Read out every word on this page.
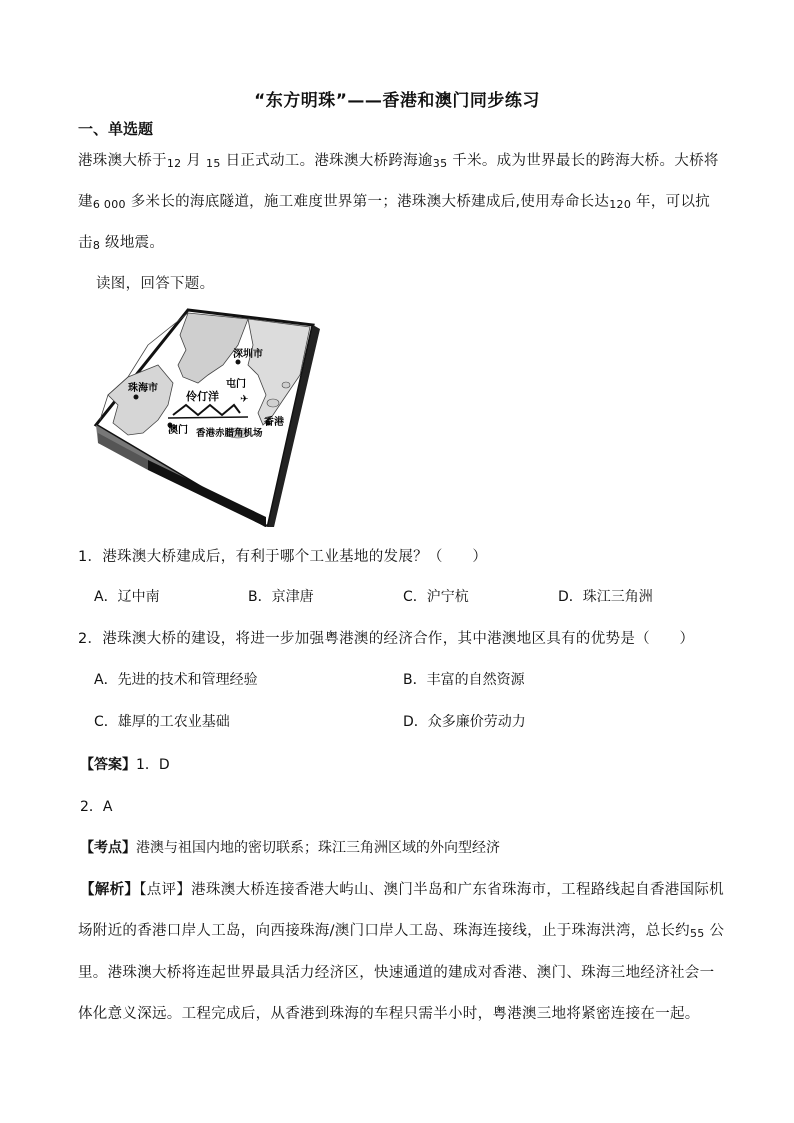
“东方明珠”——香港和澳门同步练习
一、单选题
港珠澳大桥于12 月 15 日正式动工。港珠澳大桥跨海逾35 千米。成为世界最长的跨海大桥。大桥将
建6 000 多米长的海底隧道，施工难度世界第一；港珠澳大桥建成后,使用寿命长达120 年，可以抗
击8 级地震。
读图，回答下题。
✈
深圳市
珠海市	屯门
伶仃洋
澳门
香港
香港赤腊角机场
1．港珠澳大桥建成后，有利于哪个工业基地的发展？（　　）
A．辽中南	B．京津唐	C．沪宁杭	D．珠江三角洲
2．港珠澳大桥的建设，将进一步加强粤港澳的经济合作，其中港澳地区具有的优势是（　　）
A．先进的技术和管理经验	B．丰富的自然资源
C．雄厚的工农业基础	D．众多廉价劳动力
【答案】1．D
2．A
【考点】港澳与祖国内地的密切联系；珠江三角洲区域的外向型经济
【解析】【点评】港珠澳大桥连接香港大屿山、澳门半岛和广东省珠海市，工程路线起自香港国际机
场附近的香港口岸人工岛，向西接珠海/澳门口岸人工岛、珠海连接线，止于珠海洪湾，总长约55 公
里。港珠澳大桥将连起世界最具活力经济区，快速通道的建成对香港、澳门、珠海三地经济社会一
体化意义深远。工程完成后，从香港到珠海的车程只需半小时，粤港澳三地将紧密连接在一起。
